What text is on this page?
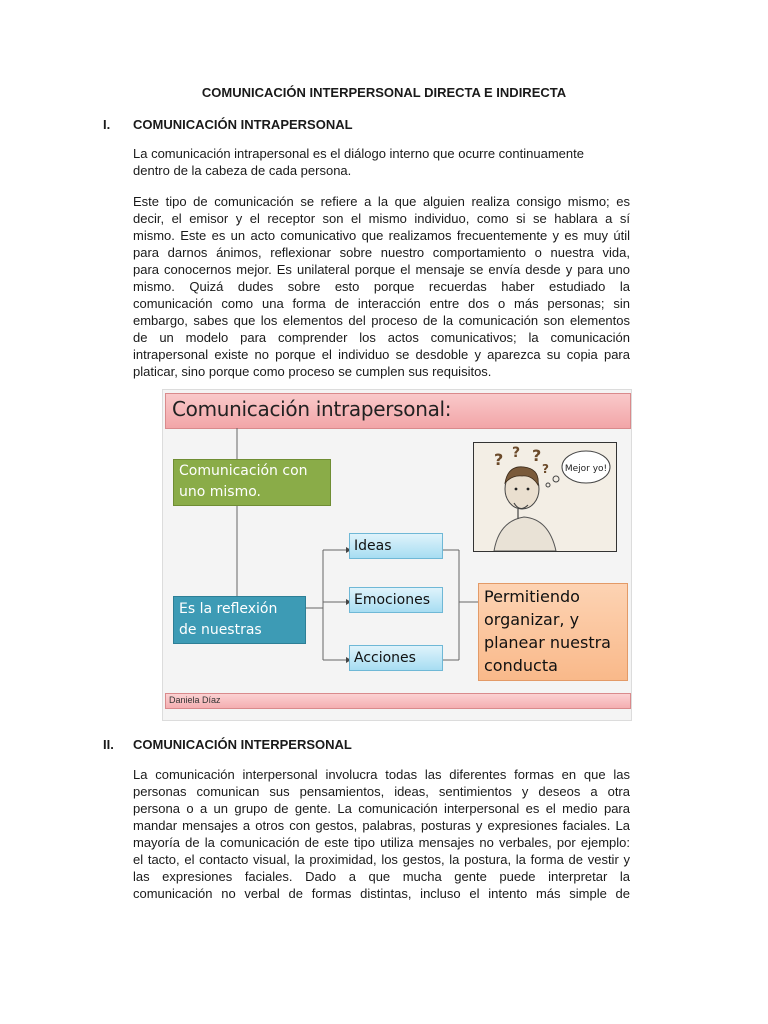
COMUNICACIÓN INTERPERSONAL DIRECTA E INDIRECTA
I. COMUNICACIÓN INTRAPERSONAL

La comunicación intrapersonal es el diálogo interno que ocurre continuamente
dentro de la cabeza de cada persona.

Este tipo de comunicación se refiere a la que alguien realiza consigo mismo; es
decir, el emisor y el receptor son el mismo individuo, como si se hablara a sí
mismo. Este es un acto comunicativo que realizamos frecuentemente y es muy útil
para darnos ánimos, reflexionar sobre nuestro comportamiento o nuestra vida,
para conocernos mejor. Es unilateral porque el mensaje se envía desde y para uno
mismo. Quizá dudes sobre esto porque recuerdas haber estudiado la
comunicación como una forma de interacción entre dos o más personas; sin
embargo, sabes que los elementos del proceso de la comunicación son elementos
de un modelo para comprender los actos comunicativos; la comunicación
intrapersonal existe no porque el individuo se desdoble y aparezca su copia para
platicar, sino porque como proceso se cumplen sus requisitos.
Comunicación intrapersonal:
Comunicación con
uno mismo.
Es la reflexión
de nuestras
Ideas
Emociones
Acciones
Permitiendo
organizar, y
planear nuestra
conducta
? ? ?
? Mejor yo!
Daniela Díaz
II. COMUNICACIÓN INTERPERSONAL
La comunicación interpersonal involucra todas las diferentes formas en que las
personas comunican sus pensamientos, ideas, sentimientos y deseos a otra
persona o a un grupo de gente. La comunicación interpersonal es el medio para
mandar mensajes a otros con gestos, palabras, posturas y expresiones faciales. La
mayoría de la comunicación de este tipo utiliza mensajes no verbales, por ejemplo:
el tacto, el contacto visual, la proximidad, los gestos, la postura, la forma de vestir y
las expresiones faciales. Dado a que mucha gente puede interpretar la
comunicación no verbal de formas distintas, incluso el intento más simple de
